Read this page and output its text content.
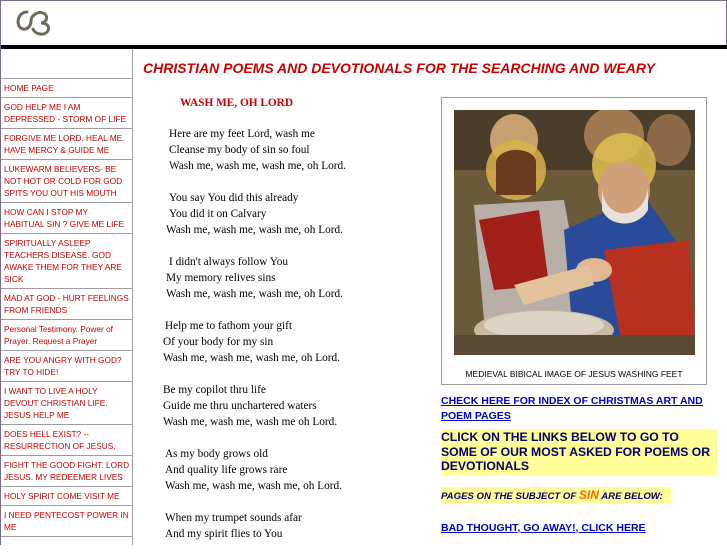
HOME PAGE
GOD HELP ME I AM DEPRESSED - STORM OF LIFE
FORGIVE ME LORD. HEAL ME. HAVE MERCY & GUIDE ME
LUKEWARM BELIEVERS- BE NOT HOT OR COLD FOR GOD SPITS YOU OUT HIS MOUTH
HOW CAN I STOP MY HABITUAL SIN ? GIVE ME LIFE
SPIRITUALLY ASLEEP TEACHERS DISEASE. GOD AWAKE THEM FOR THEY ARE SICK
MAD AT GOD - HURT FEELINGS FROM FRIENDS
Personal Testimony. Power of Prayer. Request a Prayer
ARE YOU ANGRY WITH GOD? TRY TO HIDE!
I WANT TO LIVE A HOLY DEVOUT CHRISTIAN LIFE. JESUS HELP ME
DOES HELL EXIST? -- RESURRECTION OF JESUS.
FIGHT THE GOOD FIGHT. LORD JESUS. MY REDEEMER LIVES
HOLY SPIRIT COME VISIT ME
I NEED PENTECOST POWER IN ME
CHRISTIAN POEMS AND DEVOTIONALS FOR THE SEARCHING AND WEARY
WASH ME, OH LORD
Here are my feet Lord, wash me
Cleanse my body of sin so foul
Wash me, wash me, wash me, oh Lord.
You say You did this already
You did it on Calvary
Wash me, wash me, wash me, oh Lord.
I didn't always follow You
My memory relives sins
Wash me, wash me, wash me, oh Lord.
Help me to fathom your gift
Of your body for my sin
Wash me, wash me, wash me, oh Lord.
Be my copilot thru life
Guide me thru unchartered waters
Wash me, wash me, wash me oh Lord.
As my body grows old
And quality life grows rare
Wash me, wash me, wash me, oh Lord.
When my trumpet sounds afar
And my spirit flies to You
MEDIEVAL BIBICAL IMAGE OF JESUS WASHING FEET
CHECK HERE FOR INDEX OF CHRISTMAS ART AND POEM PAGES
CLICK ON THE LINKS BELOW TO GO TO SOME OF OUR MOST ASKED FOR POEMS OR DEVOTIONALS
PAGES ON THE SUBJECT OF SIN ARE BELOW:
BAD THOUGHT, GO AWAY!, CLICK HERE
